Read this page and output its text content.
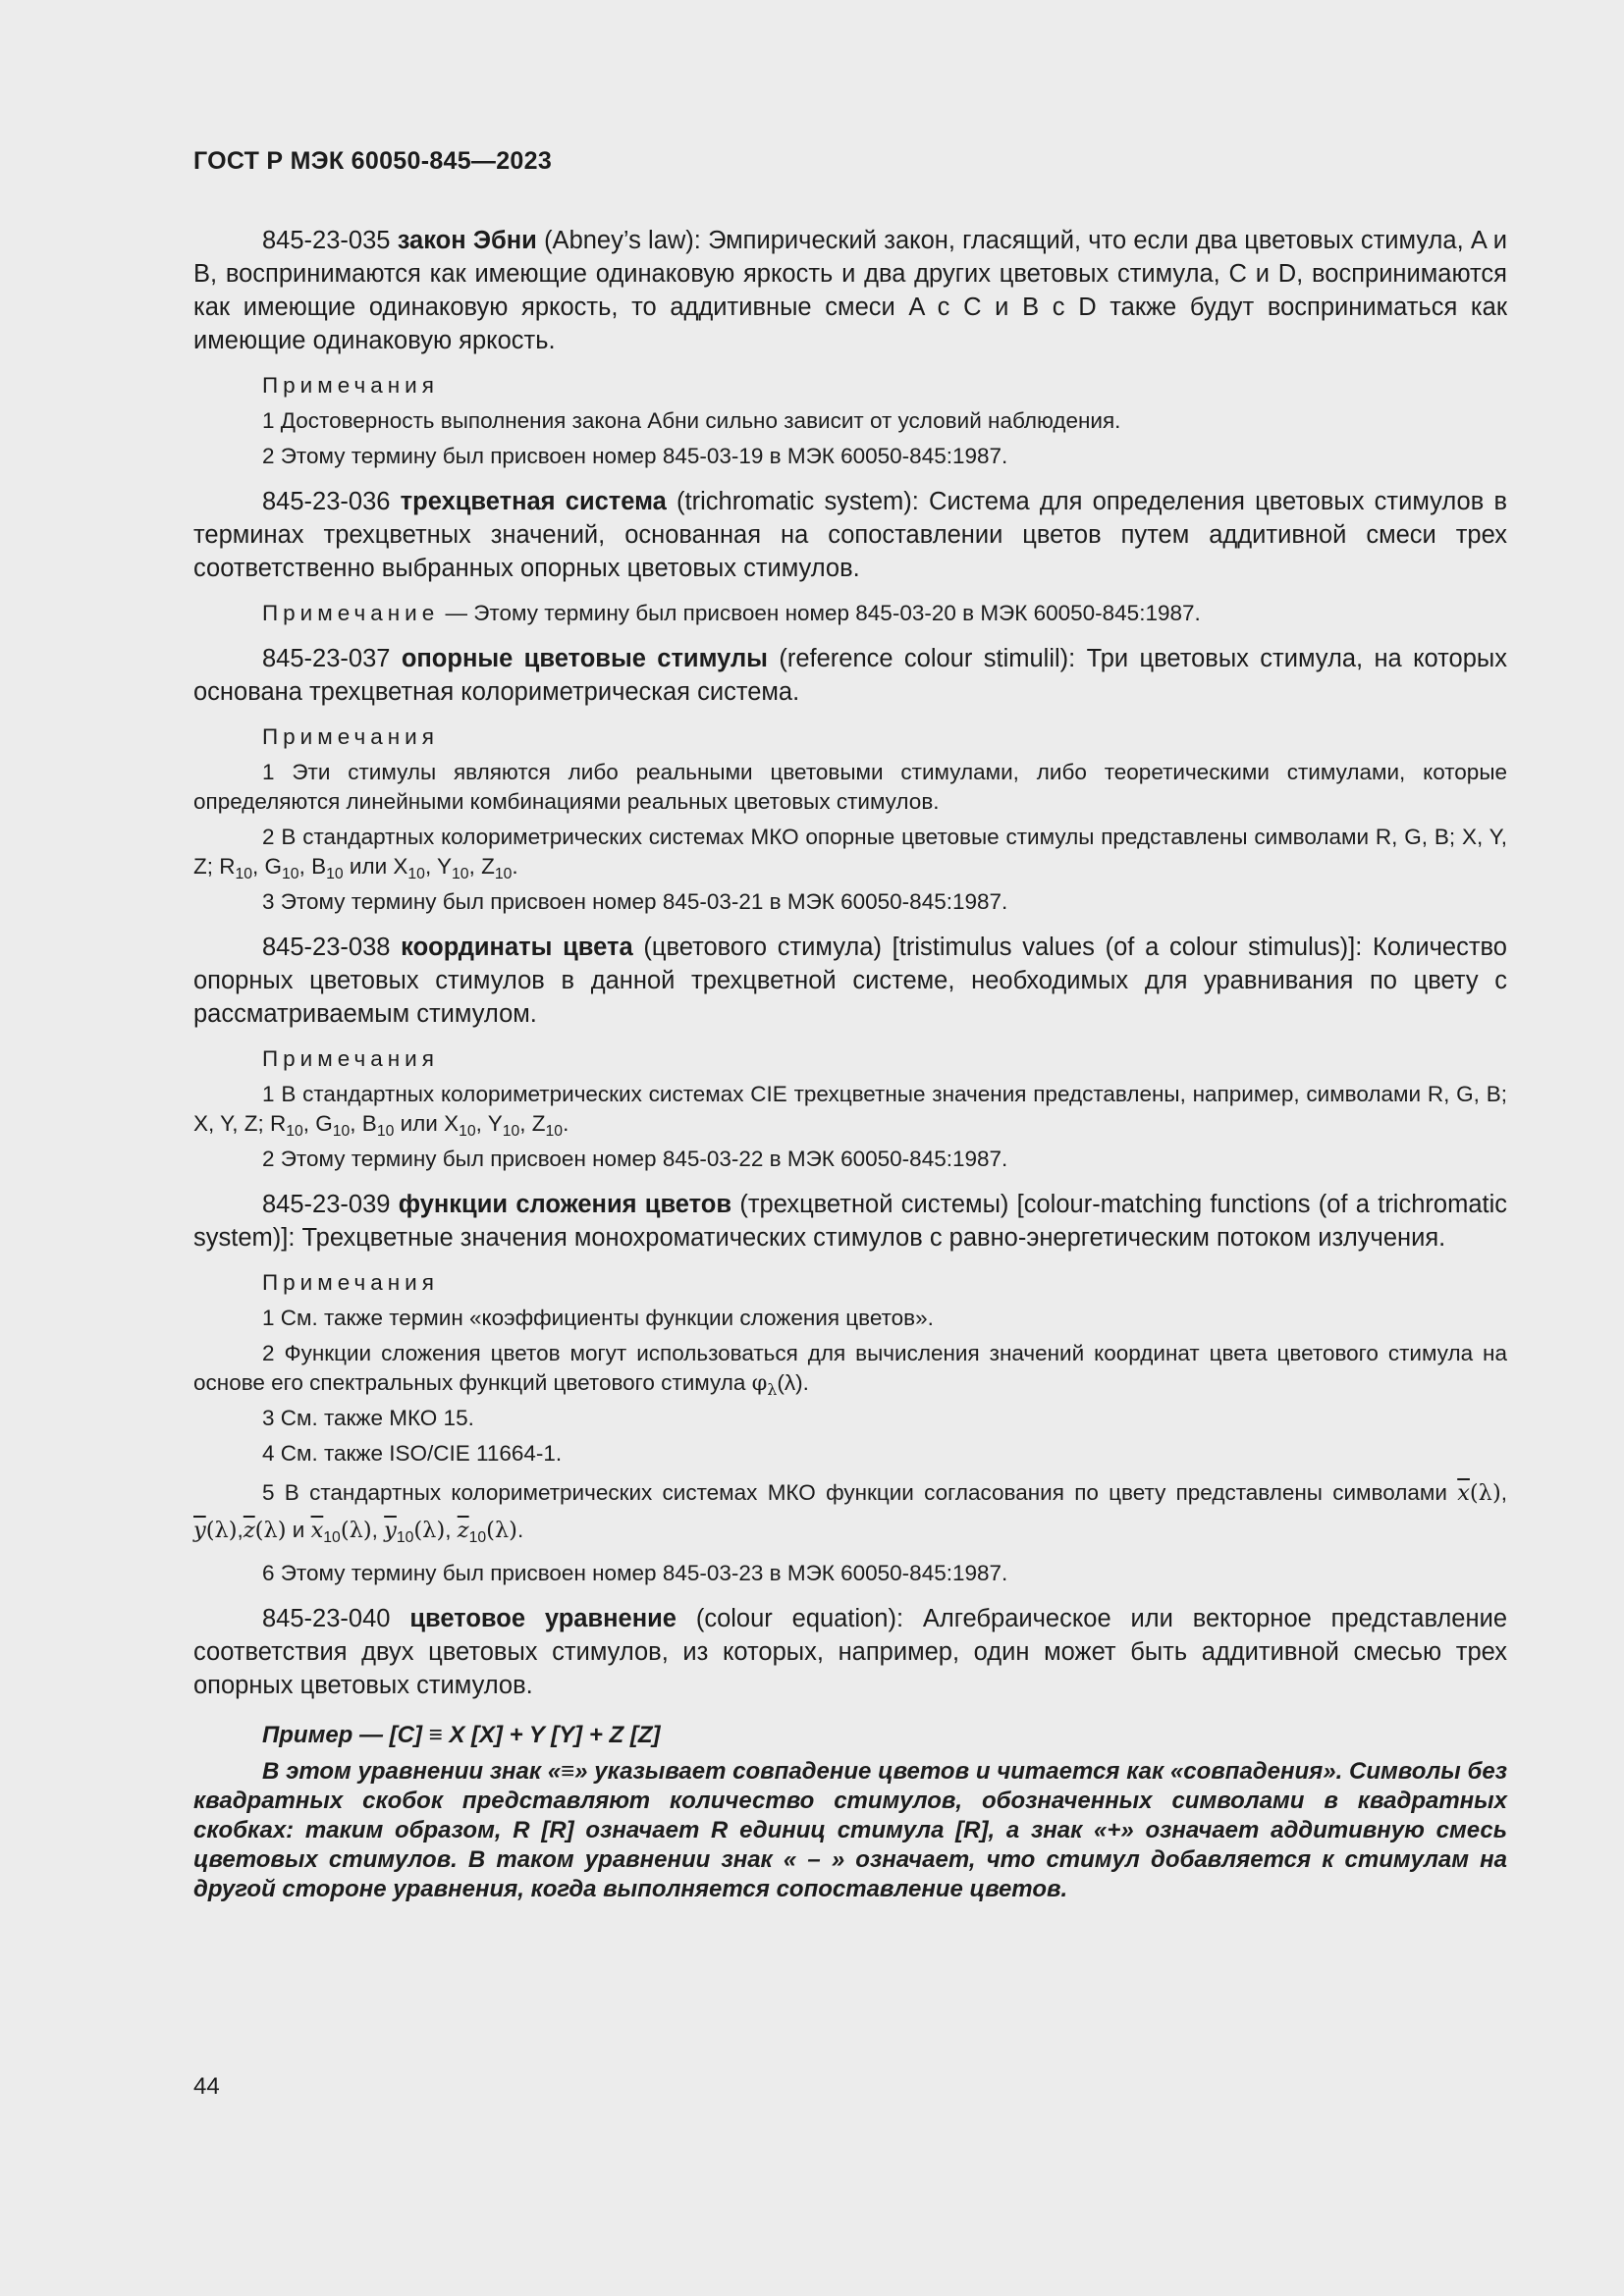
ГОСТ Р МЭК 60050-845—2023

845-23-035 закон Эбни (Abney’s law): Эмпирический закон, гласящий, что если два цветовых стимула, A и B, воспринимаются как имеющие одинаковую яркость и два других цветовых стимула, C и D, воспринимаются как имеющие одинаковую яркость, то аддитивные смеси A с C и B с D также будут восприниматься как имеющие одинаковую яркость.

Примечания

1 Достоверность выполнения закона Абни сильно зависит от условий наблюдения.

2 Этому термину был присвоен номер 845-03-19 в МЭК 60050-845:1987.

845-23-036 трехцветная система (trichromatic system): Система для определения цветовых стимулов в терминах трехцветных значений, основанная на сопоставлении цветов путем аддитивной смеси трех соответственно выбранных опорных цветовых стимулов.

Примечание — Этому термину был присвоен номер 845-03-20 в МЭК 60050-845:1987.

845-23-037 опорные цветовые стимулы (reference colour stimulil): Три цветовых стимула, на которых основана трехцветная колориметрическая система.

Примечания

1 Эти стимулы являются либо реальными цветовыми стимулами, либо теоретическими стимулами, которые определяются линейными комбинациями реальных цветовых стимулов.

2 В стандартных колориметрических системах МКО опорные цветовые стимулы представлены символами R, G, B; X, Y, Z; $R_{10}$, $G_{10}$, $B_{10}$ или $X_{10}$, $Y_{10}$, $Z_{10}$.

3 Этому термину был присвоен номер 845-03-21 в МЭК 60050-845:1987.

845-23-038 координаты цвета (цветового стимула) [tristimulus values (of a colour stimulus)]: Количество опорных цветовых стимулов в данной трехцветной системе, необходимых для уравнивания по цвету с рассматриваемым стимулом.

Примечания

1 В стандартных колориметрических системах CIE трехцветные значения представлены, например, символами R, G, B; X, Y, Z; $R_{10}$, $G_{10}$, $B_{10}$ или $X_{10}$, $Y_{10}$, $Z_{10}$.

2 Этому термину был присвоен номер 845-03-22 в МЭК 60050-845:1987.

845-23-039 функции сложения цветов (трехцветной системы) [colour-matching functions (of a trichromatic system)]: Трехцветные значения монохроматических стимулов с равно-энергетическим потоком излучения.

Примечания

1 См. также термин «коэффициенты функции сложения цветов».

2 Функции сложения цветов могут использоваться для вычисления значений координат цвета цветового стимула на основе его спектральных функций цветового стимула $\varphi_\lambda(\lambda)$.

3 См. также МКО 15.

4 См. также ISO/CIE 11664-1.

5 В стандартных колориметрических системах МКО функции согласования по цвету представлены символами $\overline{x}(\lambda)$, $\overline{y}(\lambda),\overline{z}(\lambda)$ и $\overline{x}_{10}(\lambda)$, $\overline{y}_{10}(\lambda)$, $\overline{z}_{10}(\lambda)$.

6 Этому термину был присвоен номер 845-03-23 в МЭК 60050-845:1987.

845-23-040 цветовое уравнение (colour equation): Алгебраическое или векторное представление соответствия двух цветовых стимулов, из которых, например, один может быть аддитивной смесью трех опорных цветовых стимулов.

Пример — [C] ≡ X [X] + Y [Y] + Z [Z]

В этом уравнении знак «≡» указывает совпадение цветов и читается как «совпадения». Символы без квадратных скобок представляют количество стимулов, обозначенных символами в квадратных скобках: таким образом, R [R] означает R единиц стимула [R], а знак «+» означает аддитивную смесь цветовых стимулов. В таком уравнении знак « – » означает, что стимул добавляется к стимулам на другой стороне уравнения, когда выполняется сопоставление цветов.

44
